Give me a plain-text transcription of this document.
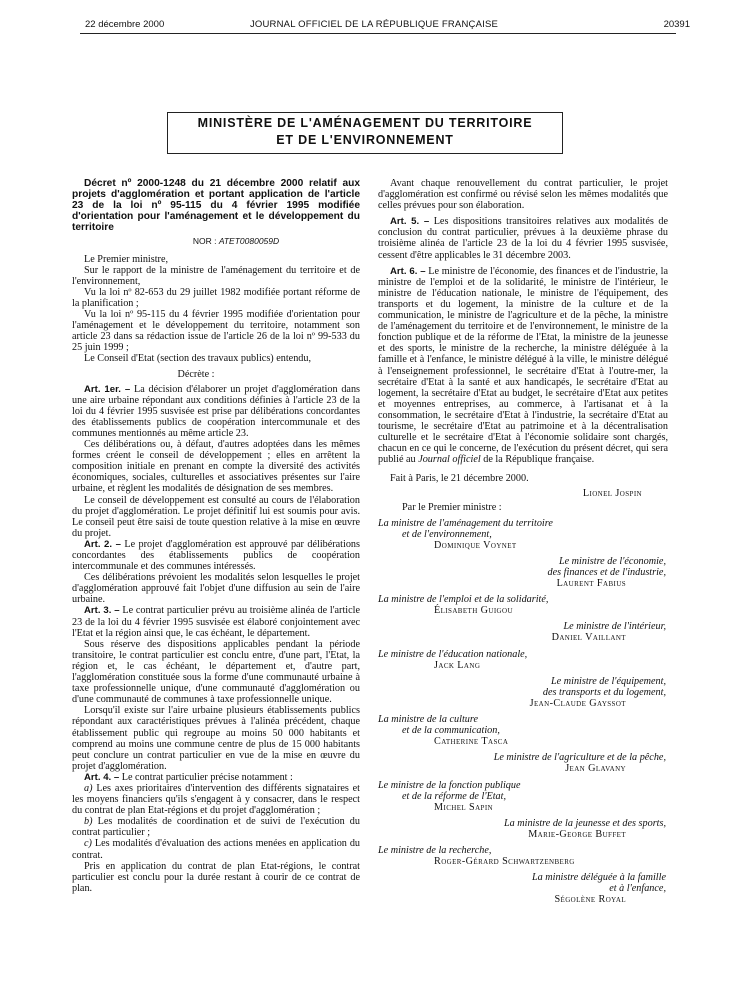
22 décembre 2000	JOURNAL OFFICIEL DE LA RÉPUBLIQUE FRANÇAISE	20391
MINISTÈRE DE L'AMÉNAGEMENT DU TERRITOIRE
ET DE L'ENVIRONNEMENT

Décret nº 2000-1248 du 21 décembre 2000 relatif aux projets d'agglomération et portant application de l'article 23 de la loi nº 95-115 du 4 février 1995 modifiée d'orientation pour l'aménagement et le développement du territoire

NOR : ATET0080059D

Le Premier ministre,

Sur le rapport de la ministre de l'aménagement du territoire et de l'environnement,

Vu la loi nº 82-653 du 29 juillet 1982 modifiée portant réforme de la planification ;

Vu la loi nº 95-115 du 4 février 1995 modifiée d'orientation pour l'aménagement et le développement du territoire, notamment son article 23 dans sa rédaction issue de l'article 26 de la loi nº 99-533 du 25 juin 1999 ;

Le Conseil d'Etat (section des travaux publics) entendu,

Décrète :

Art. 1er. – La décision d'élaborer un projet d'agglomération dans une aire urbaine répondant aux conditions définies à l'article 23 de la loi du 4 février 1995 susvisée est prise par délibérations concordantes des établissements publics de coopération intercommunale et des communes mentionnés au même article 23.

Ces délibérations ou, à défaut, d'autres adoptées dans les mêmes formes créent le conseil de développement ; elles en arrêtent la composition initiale en prenant en compte la diversité des activités économiques, sociales, culturelles et associatives présentes sur l'aire urbaine, et règlent les modalités de désignation de ses membres.

Le conseil de développement est consulté au cours de l'élaboration du projet d'agglomération. Le projet définitif lui est soumis pour avis. Le conseil peut être saisi de toute question relative à la mise en œuvre du projet.

Art. 2. – Le projet d'agglomération est approuvé par délibérations concordantes des établissements publics de coopération intercommunale et des communes intéressés.

Ces délibérations prévoient les modalités selon lesquelles le projet d'agglomération approuvé fait l'objet d'une diffusion au sein de l'aire urbaine.

Art. 3. – Le contrat particulier prévu au troisième alinéa de l'article 23 de la loi du 4 février 1995 susvisée est élaboré conjointement avec l'Etat et la région ainsi que, le cas échéant, le département.

Sous réserve des dispositions applicables pendant la période transitoire, le contrat particulier est conclu entre, d'une part, l'Etat, la région et, le cas échéant, le département et, d'autre part, l'agglomération constituée sous la forme d'une communauté urbaine à taxe professionnelle unique, d'une communauté d'agglomération ou d'une communauté de communes à taxe professionnelle unique.

Lorsqu'il existe sur l'aire urbaine plusieurs établissements publics répondant aux caractéristiques prévues à l'alinéa précédent, chaque établissement public qui regroupe au moins 50 000 habitants et comprend au moins une commune centre de plus de 15 000 habitants peut conclure un contrat particulier en vue de la mise en œuvre du projet d'agglomération.

Art. 4. – Le contrat particulier précise notamment :

a) Les axes prioritaires d'intervention des différents signataires et les moyens financiers qu'ils s'engagent à y consacrer, dans le respect du contrat de plan Etat-régions et du projet d'agglomération ;

b) Les modalités de coordination et de suivi de l'exécution du contrat particulier ;

c) Les modalités d'évaluation des actions menées en application du contrat.

Pris en application du contrat de plan Etat-régions, le contrat particulier est conclu pour la durée restant à courir de ce contrat de plan.

Avant chaque renouvellement du contrat particulier, le projet d'agglomération est confirmé ou révisé selon les mêmes modalités que celles prévues pour son élaboration.

Art. 5. – Les dispositions transitoires relatives aux modalités de conclusion du contrat particulier, prévues à la deuxième phrase du troisième alinéa de l'article 23 de la loi du 4 février 1995 susvisée, cessent d'être applicables le 31 décembre 2003.

Art. 6. – Le ministre de l'économie, des finances et de l'industrie, la ministre de l'emploi et de la solidarité, le ministre de l'intérieur, le ministre de l'éducation nationale, le ministre de l'équipement, des transports et du logement, la ministre de la culture et de la communication, le ministre de l'agriculture et de la pêche, la ministre de l'aménagement du territoire et de l'environnement, le ministre de la fonction publique et de la réforme de l'Etat, la ministre de la jeunesse et des sports, le ministre de la recherche, la ministre déléguée à la famille et à l'enfance, le ministre délégué à la ville, le ministre délégué à l'enseignement professionnel, le secrétaire d'Etat à l'outre-mer, la secrétaire d'Etat à la santé et aux handicapés, le secrétaire d'Etat au logement, la secrétaire d'Etat au budget, le secrétaire d'Etat aux petites et moyennes entreprises, au commerce, à l'artisanat et à la consommation, le secrétaire d'Etat à l'industrie, la secrétaire d'Etat au tourisme, le secrétaire d'Etat au patrimoine et à la décentralisation culturelle et le secrétaire d'Etat à l'économie solidaire sont chargés, chacun en ce qui le concerne, de l'exécution du présent décret, qui sera publié au Journal officiel de la République française.

Fait à Paris, le 21 décembre 2000.

Lionel Jospin
Par le Premier ministre :
La ministre de l'aménagement du territoire
et de l'environnement,
Dominique Voynet
Le ministre de l'économie,
des finances et de l'industrie,
Laurent Fabius
La ministre de l'emploi et de la solidarité,
Élisabeth Guigou
Le ministre de l'intérieur,
Daniel Vaillant
Le ministre de l'éducation nationale,
Jack Lang
Le ministre de l'équipement,
des transports et du logement,
Jean-Claude Gayssot
La ministre de la culture
et de la communication,
Catherine Tasca
Le ministre de l'agriculture et de la pêche,
Jean Glavany
Le ministre de la fonction publique
et de la réforme de l'Etat,
Michel Sapin
La ministre de la jeunesse et des sports,
Marie-George Buffet
Le ministre de la recherche,
Roger-Gérard Schwartzenberg
La ministre déléguée à la famille
et à l'enfance,
Ségolène Royal
